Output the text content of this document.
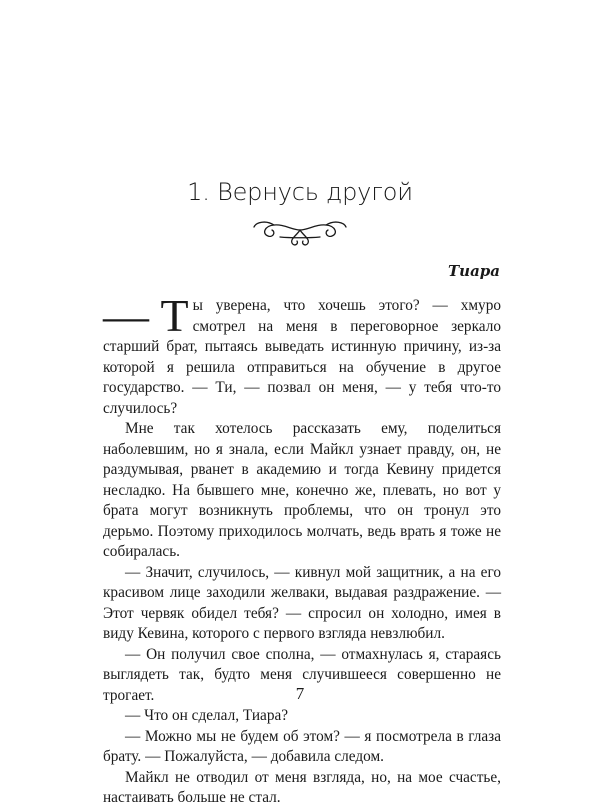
1. Вернусь другой
Тиара

— Т ы уверена, что хочешь этого? — хмуро смотрел на меня в переговорное зеркало старший брат, пытаясь выведать истинную причину, из-за которой я решила отправиться на обучение в другое государство. — Ти, — позвал он меня, — у тебя что-то случилось?

Мне так хотелось рассказать ему, поделиться наболевшим, но я знала, если Майкл узнает правду, он, не раздумывая, рванет в академию и тогда Кевину придется несладко. На бывшего мне, конечно же, плевать, но вот у брата могут возникнуть проблемы, что он тронул это дерьмо. Поэтому приходилось молчать, ведь врать я тоже не собиралась.

— Значит, случилось, — кивнул мой защитник, а на его красивом лице заходили желваки, выдавая раздражение. — Этот червяк обидел тебя? — спросил он холодно, имея в виду Кевина, которого с первого взгляда невзлюбил.

— Он получил свое сполна, — отмахнулась я, стараясь выглядеть так, будто меня случившееся совершенно не трогает.

— Что он сделал, Тиара?

— Можно мы не будем об этом? — я посмотрела в глаза брату. — Пожалуйста, — добавила следом.

Майкл не отводил от меня взгляда, но, на мое счастье, настаивать больше не стал.

7
